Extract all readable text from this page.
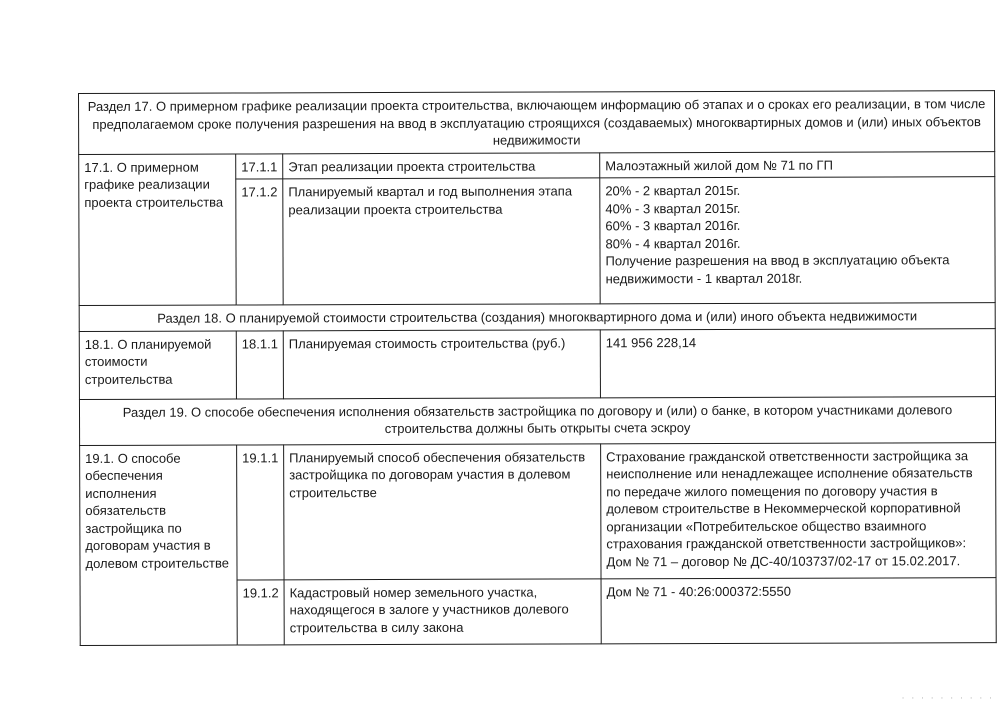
Раздел 17. О примерном графике реализации проекта строительства, включающем информацию об этапах и о сроках его реализации, в том числе предполагаемом сроке получения разрешения на ввод в эксплуатацию строящихся (создаваемых) многоквартирных домов и (или) иных объектов недвижимости			
17.1. О примерном графике реализации проекта строительства	17.1.1	Этап реализации проекта строительства	Малоэтажный жилой дом № 71 по ГП
	17.1.2	Планируемый квартал и год выполнения этапа реализации проекта строительства	20% - 2 квартал 2015г.
40% - 3 квартал 2015г.
60% - 3 квартал 2016г.
80% - 4 квартал 2016г.
Получение разрешения на ввод в эксплуатацию объекта недвижимости - 1 квартал 2018г.
Раздел 18. О планируемой стоимости строительства (создания) многоквартирного дома и (или) иного объекта недвижимости			
18.1. О планируемой стоимости строительства	18.1.1	Планируемая стоимость строительства (руб.)	141 956 228,14
Раздел 19. О способе обеспечения исполнения обязательств застройщика по договору и (или) о банке, в котором участниками долевого строительства должны быть открыты счета эскроу			
19.1. О способе обеспечения исполнения обязательств застройщика по договорам участия в долевом строительстве	19.1.1	Планируемый способ обеспечения обязательств застройщика по договорам участия в долевом строительстве	Страхование гражданской ответственности застройщика за неисполнение или ненадлежащее исполнение обязательств по передаче жилого помещения по договору участия в долевом строительстве в Некоммерческой корпоративной организации «Потребительское общество взаимного страхования гражданской ответственности застройщиков»: Дом № 71 – договор № ДС-40/103737/02-17 от 15.02.2017.
	19.1.2	Кадастровый номер земельного участка, находящегося в залоге у участников долевого строительства в силу закона	Дом № 71 - 40:26:000372:5550
· · · · · · · · · ·
